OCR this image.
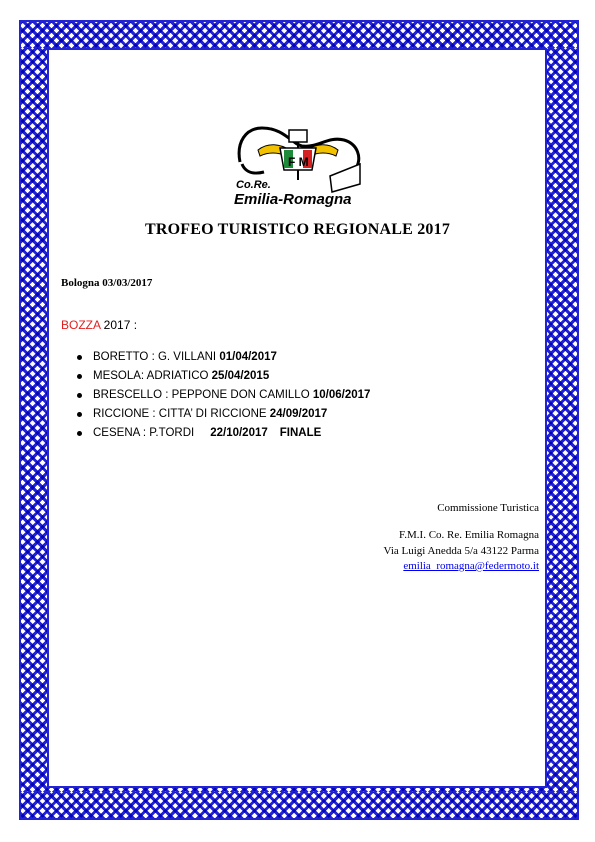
F M
Co.Re.
Emilia-Romagna
TROFEO TURISTICO REGIONALE 2017
Bologna 03/03/2017
BOZZA 2017 :
BORETTO : G. VILLANI 01/04/2017
MESOLA: ADRIATICO 25/04/2015
BRESCELLO : PEPPONE DON CAMILLO 10/06/2017
RICCIONE : CITTA’ DI RICCIONE 24/09/2017
CESENA : P.TORDI 22/10/2017 FINALE
Commissione Turistica
F.M.I. Co. Re. Emilia Romagna
Via Luigi Anedda 5/a 43122 Parma
emilia_romagna@federmoto.it
